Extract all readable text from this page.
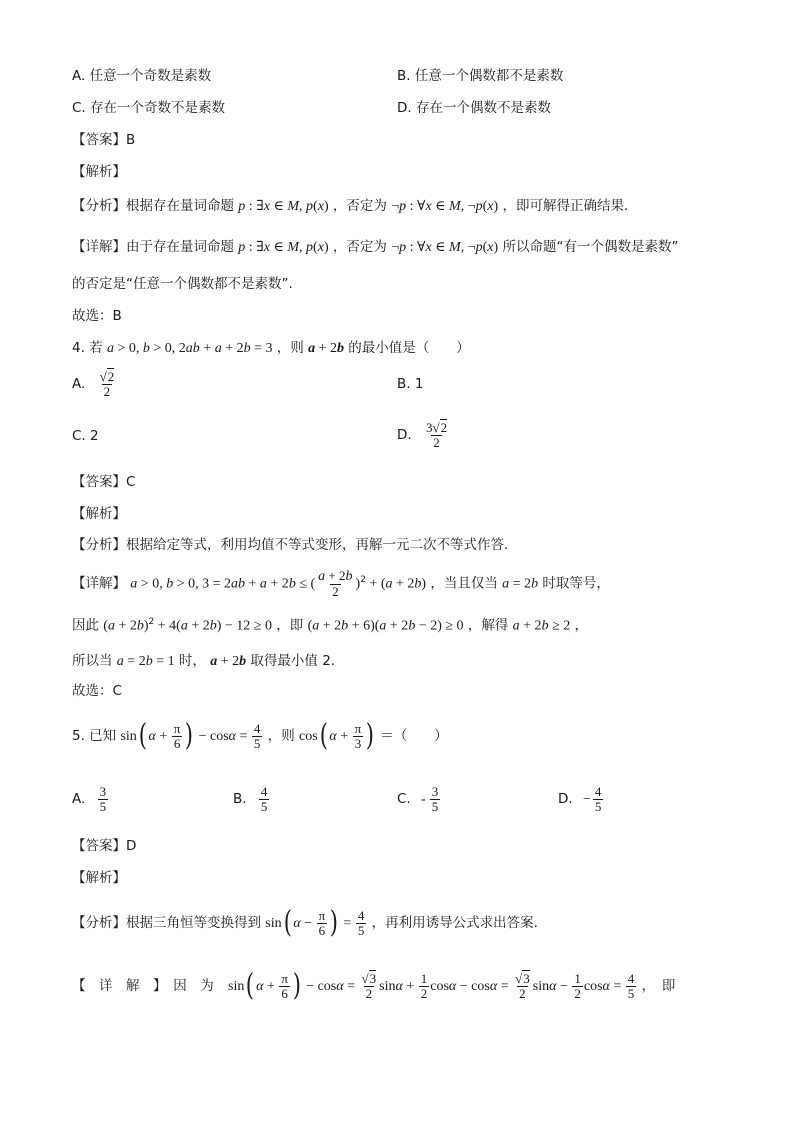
A. 任意一个奇数是素数	B. 任意一个偶数都不是素数
C. 存在一个奇数不是素数	D. 存在一个偶数不是素数
【答案】B
【解析】
【分析】根据存在量词命题 p : ∃x ∈ M, p(x) ，否定为 ¬p : ∀x ∈ M, ¬p(x) ，即可解得正确结果.
【详解】由于存在量词命题 p : ∃x ∈ M, p(x) ，否定为 ¬p : ∀x ∈ M, ¬p(x) 所以命题“有一个偶数是素数”
的否定是“任意一个偶数都不是素数”.
故选：B
4. 若 a > 0, b > 0, 2ab + a + 2b = 3 ，则 a + 2b 的最小值是（　　）
A. $\frac{√2}{2}$	B. 1
C. 2	D. $\frac{3√2}{2}$
【答案】C
【解析】
【分析】根据给定等式，利用均值不等式变形，再解一元二次不等式作答.
【详解】 a > 0, b > 0, 3 = 2ab + a + 2b ≤ ( $\frac{a + 2b}{2} )^2 + (a + 2b)$ ，当且仅当 a = 2b 时取等号，
因此 $(a + 2b)^2 + 4(a + 2b) - 12 \ge 0$ ，即 (a + 2b + 6)(a + 2b − 2) ≥ 0 ，解得 a + 2b ≥ 2 ，
所以当 a = 2b = 1 时， a + 2b 取得最小值 2.
故选：C
5. 已知 sin( $\alpha + \frac{\pi}{6}$ ) − $\cos\alpha = \frac{4}{5}$ ，则 cos( $\alpha + \frac{\pi}{3}$ ) ＝（　　）
A. $\frac{3}{5}$	B. $\frac{4}{5}$	C. - $\frac{3}{5}$	D. − $\frac{4}{5}$
【答案】D
【解析】
【分析】根据三角恒等变换得到 sin( $\alpha - \frac{\pi}{6}$ ) = $\frac{4}{5}$ ，再利用诱导公式求出答案.
【　详　解　】　因　为 sin( $\alpha + \frac{\pi}{6}$ ) − $\cos\alpha = \frac{√3}{2}$ $\sin\alpha + \frac{1}{2}$ $\cos\alpha - \cos\alpha = \frac{√3}{2}$ $\sin\alpha - \frac{1}{2}$ $\cos\alpha = \frac{4}{5}$ ，　即
